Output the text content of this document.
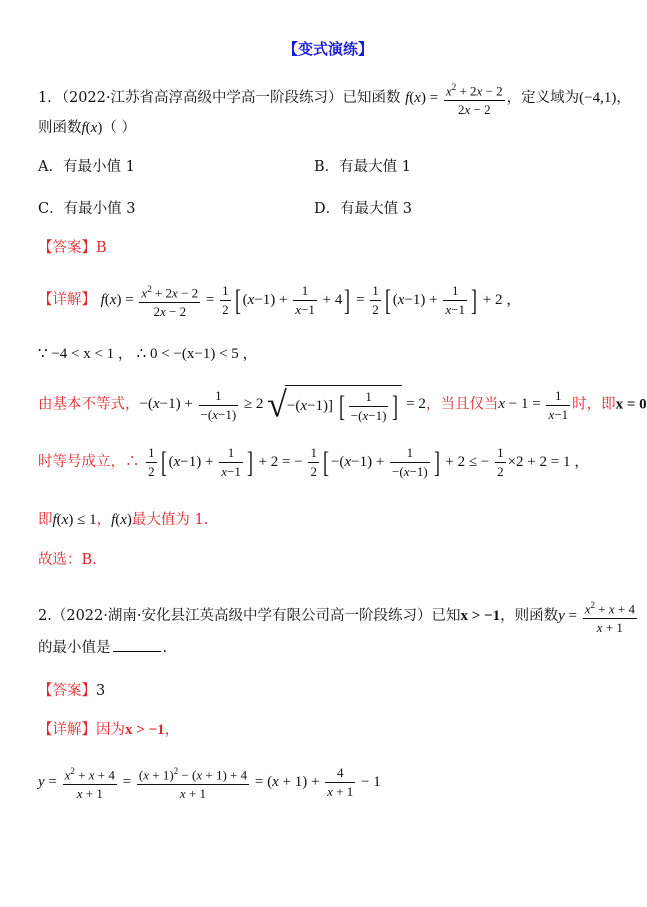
【变式演练】
1．（2022·江苏省高淳高级中学高一阶段练习）已知函数 $f(x) = \frac{x^2 + 2x - 2}{2x - 2}$ ，定义域为(−4,1)，
则函数f(x)（ ）
A．有最小值 1	B．有最大值 1
C．有最小值 3	D．有最大值 3
【答案】B
【详解】 $f(x) = \frac{x^2 + 2x - 2}{2x - 2} = \frac{1}{2}$ [ $(x-1) + \frac{1}{x-1} + 4] = \frac{1}{2}$ [ $(x-1) + \frac{1}{x-1}$ ] + 2 ，
∵ −4 < x < 1 ， ∴ 0 < −(x−1) < 5 ，
由基本不等式，$-(x-1) + \frac{1}{-(x-1)} \ge 2$ √−(x−1)] [ $\frac{1}{-(x-1)}$ ] = 2，当且仅当$x - 1 = \frac{1}{x-1}$ 时，即x = 0
时等号成立，∴ $\frac{1}{2}$ [ $(x-1) + \frac{1}{x-1}$ ] + 2 = − $\frac{1}{2}$ [ $-(x-1) + \frac{1}{-(x-1)}$ ] + 2 ≤ − $\frac{1}{2} \times 2 + 2 = 1$ ，
即f(x) ≤ 1，f(x)最大值为 1.
故选：B.
2.（2022·湖南·安化县江英高级中学有限公司高一阶段练习）已知x > −1，则函数$y = \frac{x^2 + x + 4}{x + 1}$
的最小值是	.
【答案】3
【详解】因为x > −1，
$y = \frac{x^2 + x + 4}{x + 1} = \frac{(x + 1)^2 - (x + 1) + 4}{x + 1} = (x + 1) + \frac{4}{x + 1} - 1$
